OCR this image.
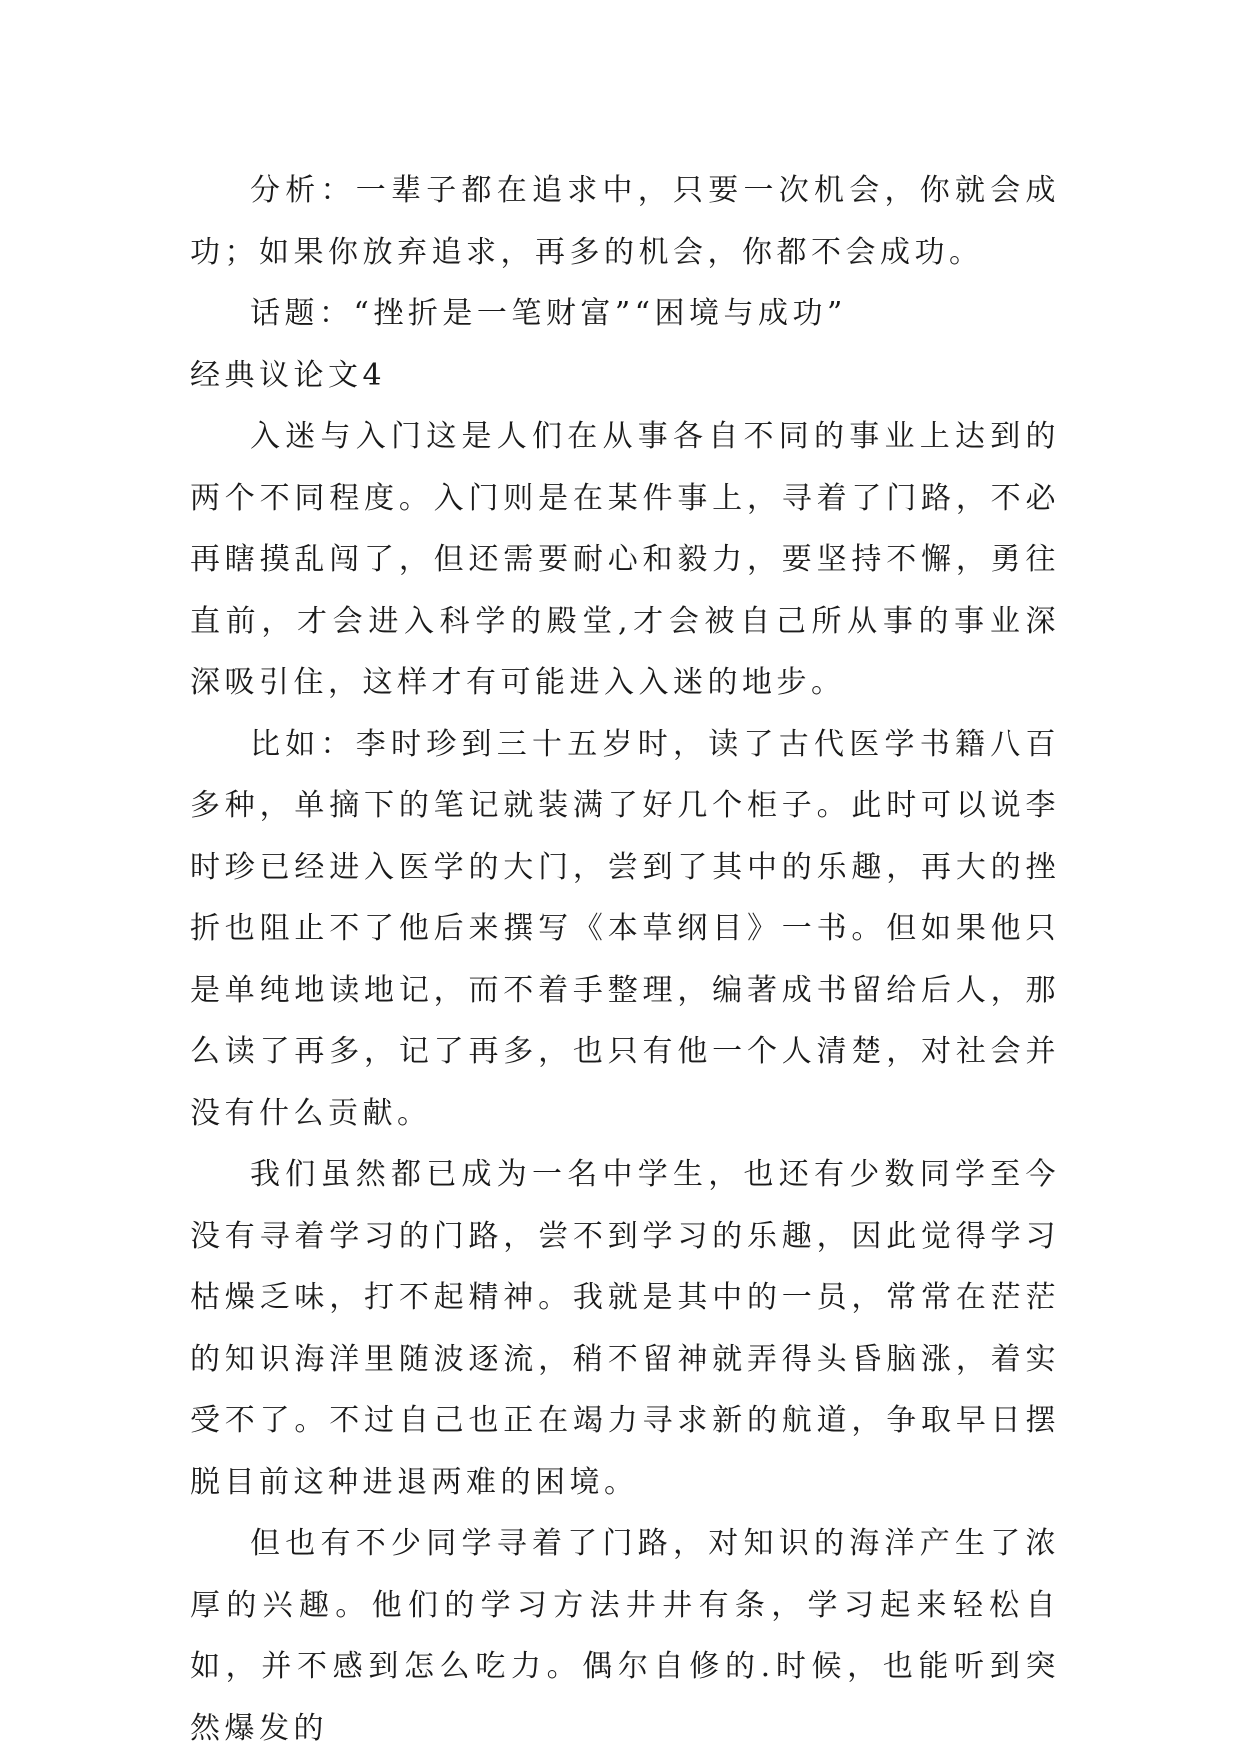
分析：一辈子都在追求中，只要一次机会，你就会成功；如果你放弃追求，再多的机会，你都不会成功。

话题：“挫折是一笔财富”“困境与成功”

经典议论文4

入迷与入门这是人们在从事各自不同的事业上达到的两个不同程度。入门则是在某件事上，寻着了门路，不必再瞎摸乱闯了，但还需要耐心和毅力，要坚持不懈，勇往直前，才会进入科学的殿堂,才会被自己所从事的事业深深吸引住，这样才有可能进入入迷的地步。

比如：李时珍到三十五岁时，读了古代医学书籍八百多种，单摘下的笔记就装满了好几个柜子。此时可以说李时珍已经进入医学的大门，尝到了其中的乐趣，再大的挫折也阻止不了他后来撰写《本草纲目》一书。但如果他只是单纯地读地记，而不着手整理，编著成书留给后人，那么读了再多，记了再多，也只有他一个人清楚，对社会并没有什么贡献。

我们虽然都已成为一名中学生，也还有少数同学至今没有寻着学习的门路，尝不到学习的乐趣，因此觉得学习枯燥乏味，打不起精神。我就是其中的一员，常常在茫茫的知识海洋里随波逐流，稍不留神就弄得头昏脑涨，着实受不了。不过自己也正在竭力寻求新的航道，争取早日摆脱目前这种进退两难的困境。

但也有不少同学寻着了门路，对知识的海洋产生了浓厚的兴趣。他们的学习方法井井有条，学习起来轻松自如，并不感到怎么吃力。偶尔自修的.时候，也能听到突然爆发的
